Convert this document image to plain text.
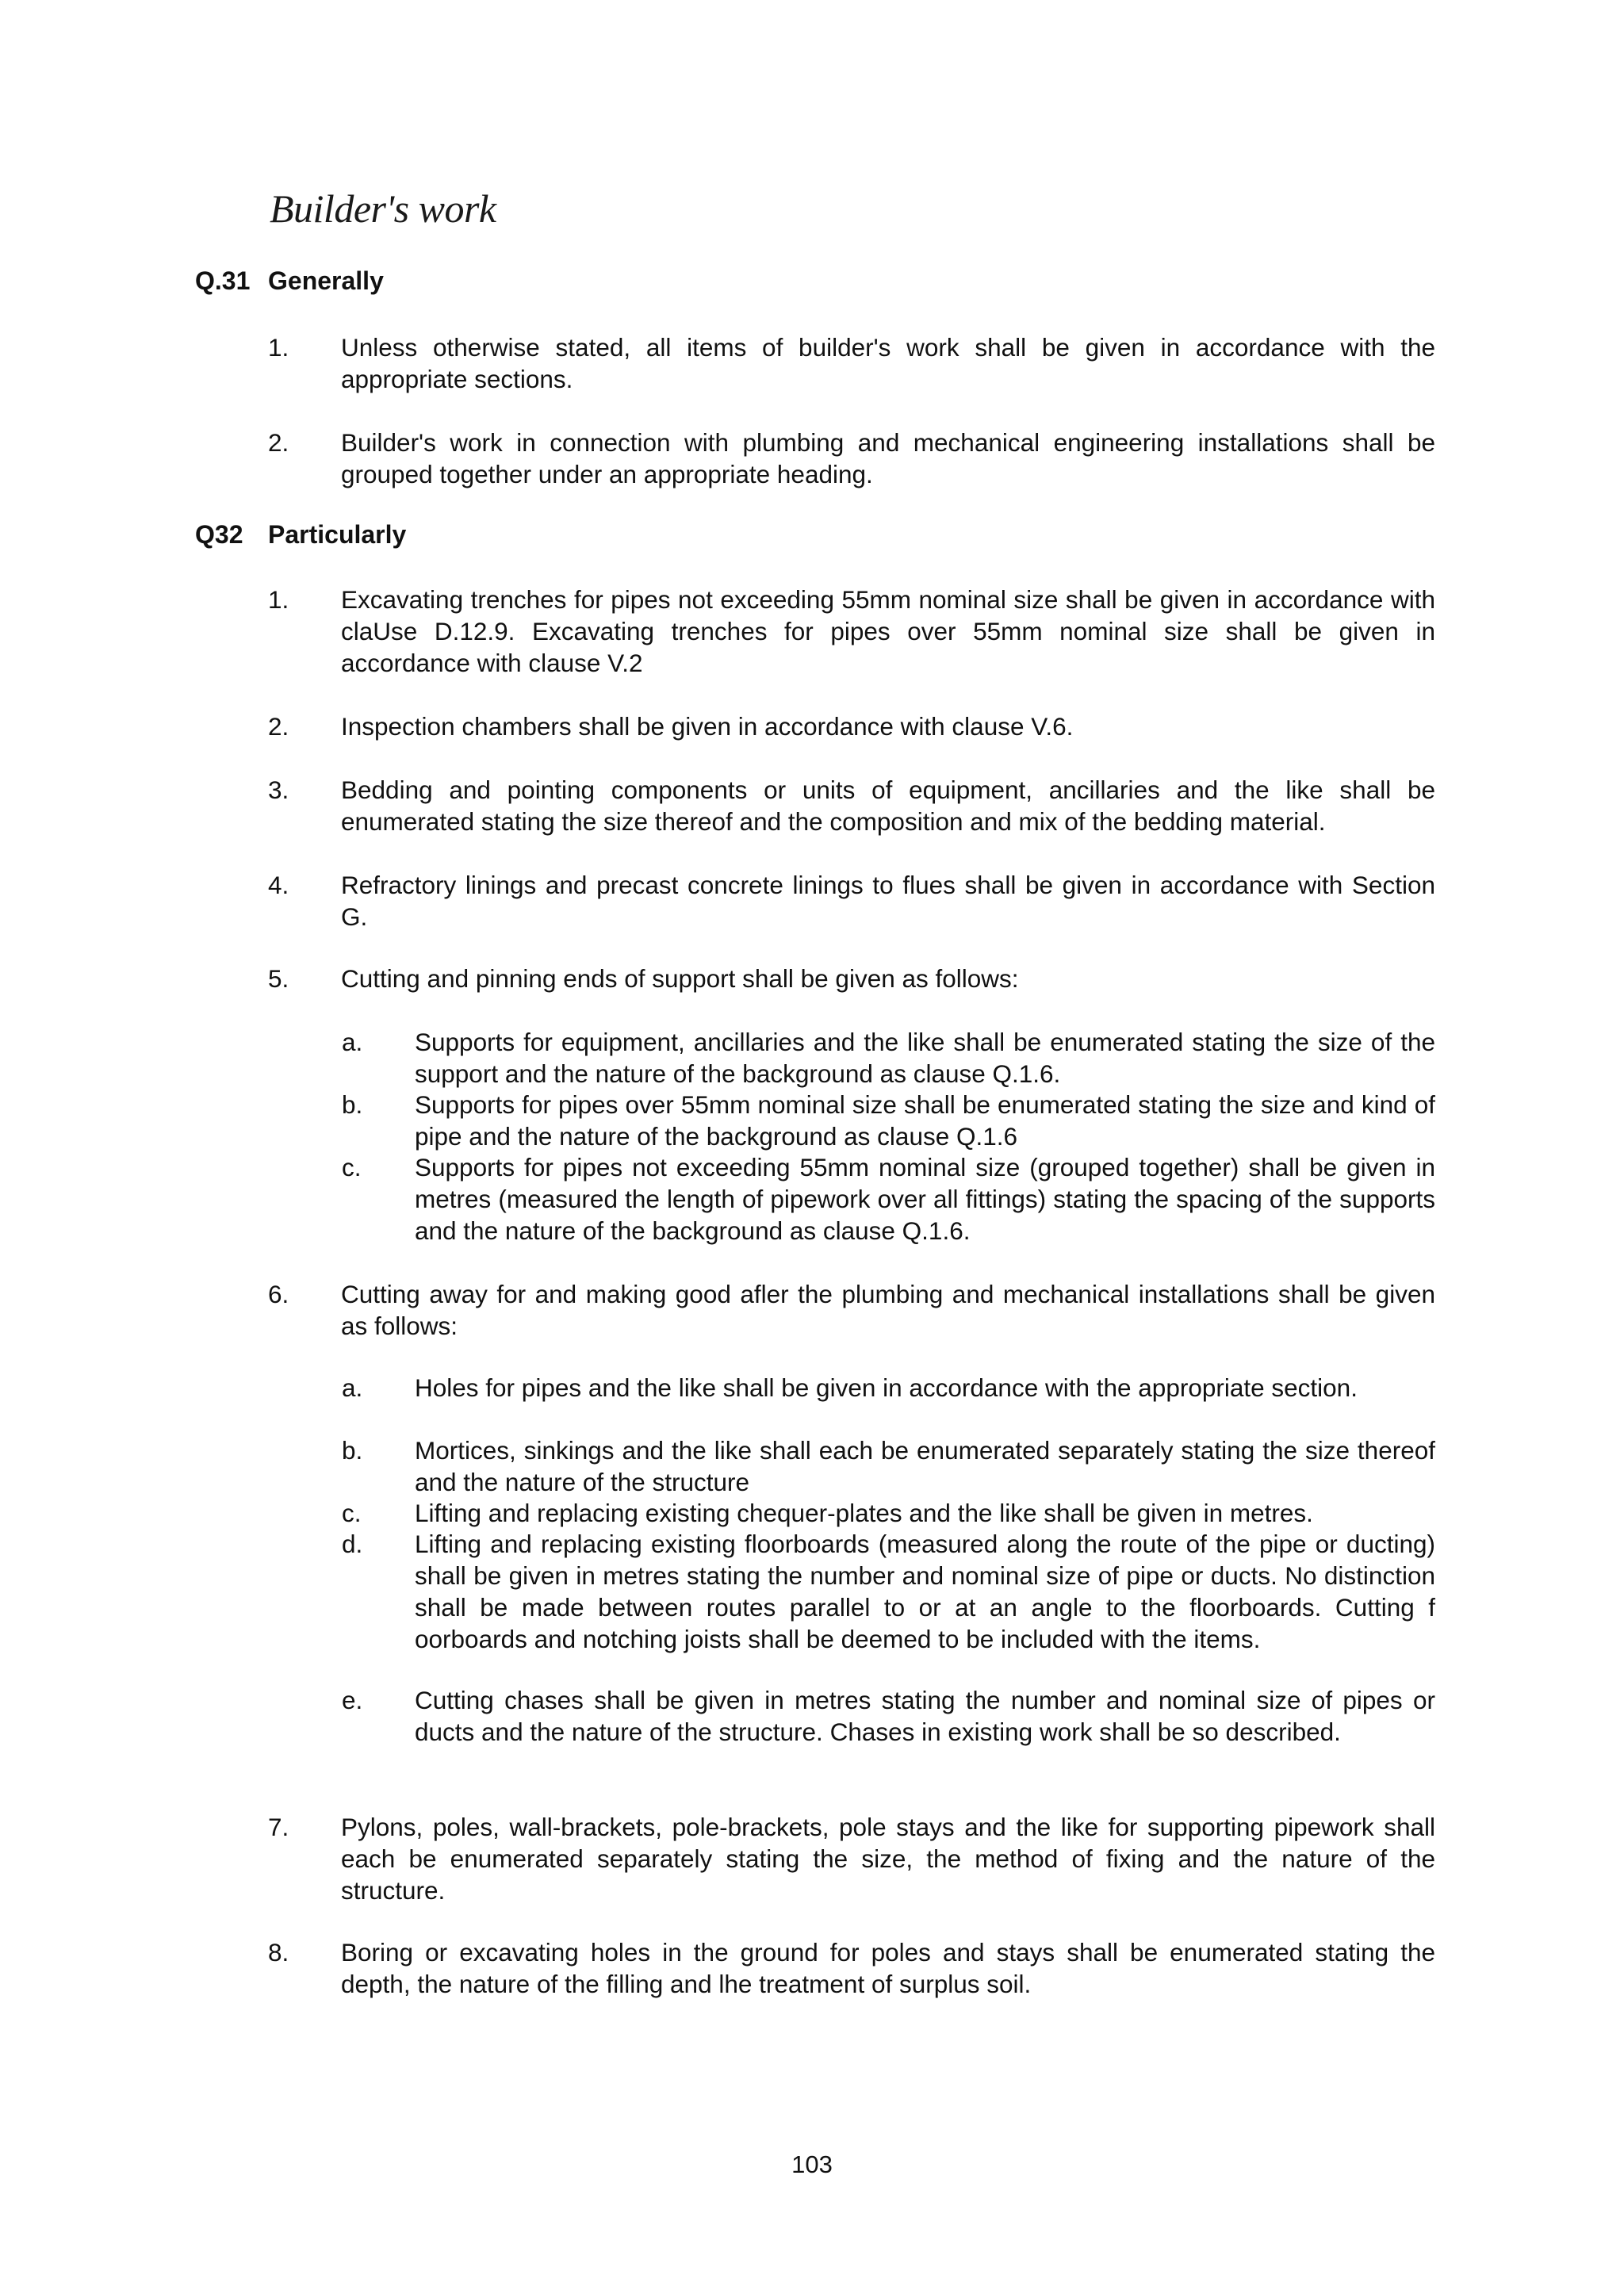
Builder's work
Q.31 Generally
1. Unless otherwise stated, all items of builder's work shall be given in accordance with the appropriate sections.
2. Builder's work in connection with plumbing and mechanical engineering installations shall be grouped together under an appropriate heading.
Q32 Particularly
1. Excavating trenches for pipes not exceeding 55mm nominal size shall be given in accordance with claUse D.12.9. Excavating trenches for pipes over 55mm nominal size shall be given in accordance with clause V.2
2. Inspection chambers shall be given in accordance with clause V.6.
3. Bedding and pointing components or units of equipment, ancillaries and the like shall be enumerated stating the size thereof and the composition and mix of the bedding material.
4. Refractory linings and precast concrete linings to flues shall be given in accordance with Section G.
5. Cutting and pinning ends of support shall be given as follows:
a. Supports for equipment, ancillaries and the like shall be enumerated stating the size of the support and the nature of the background as clause Q.1.6.
b. Supports for pipes over 55mm nominal size shall be enumerated stating the size and kind of pipe and the nature of the background as clause Q.1.6
c. Supports for pipes not exceeding 55mm nominal size (grouped together) shall be given in metres (measured the length of pipework over all fittings) stating the spacing of the supports and the nature of the background as clause Q.1.6.
6. Cutting away for and making good afler the plumbing and mechanical installations shall be given as follows:
a. Holes for pipes and the like shall be given in accordance with the appropriate section.
b. Mortices, sinkings and the like shall each be enumerated separately stating the size thereof and the nature of the structure
c. Lifting and replacing existing chequer-plates and the like shall be given in metres.
d. Lifting and replacing existing floorboards (measured along the route of the pipe or ducting) shall be given in metres stating the number and nominal size of pipe or ducts. No distinction shall be made between routes parallel to or at an angle to the floorboards. Cutting f oorboards and notching joists shall be deemed to be included with the items.
e. Cutting chases shall be given in metres stating the number and nominal size of pipes or ducts and the nature of the structure. Chases in existing work shall be so described.
7. Pylons, poles, wall-brackets, pole-brackets, pole stays and the like for supporting pipework shall each be enumerated separately stating the size, the method of fixing and the nature of the structure.
8. Boring or excavating holes in the ground for poles and stays shall be enumerated stating the depth, the nature of the filling and lhe treatment of surplus soil.
103
